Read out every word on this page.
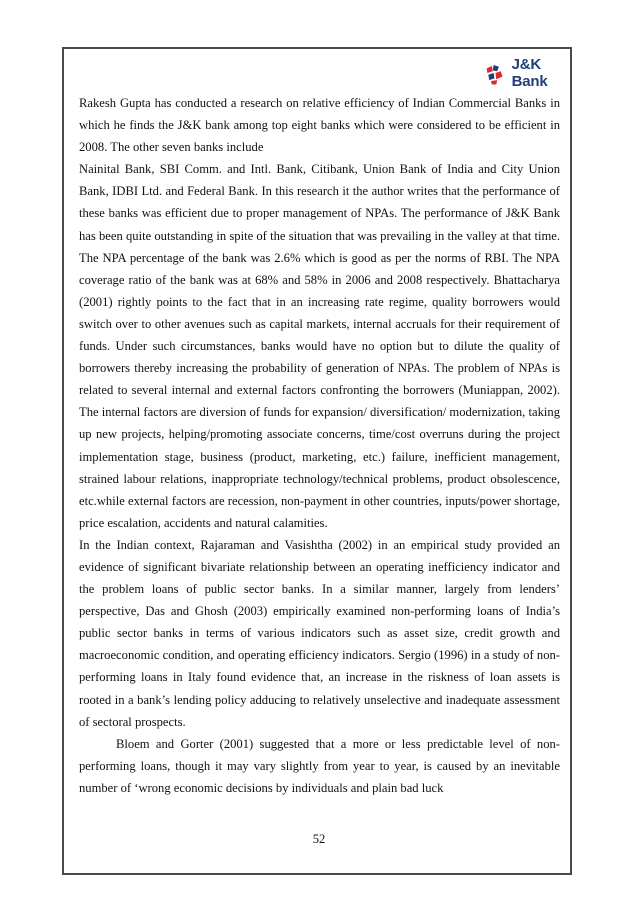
J&K Bank

Rakesh Gupta has conducted a research on relative efficiency of Indian Commercial Banks in which he finds the J&K bank among top eight banks which were considered to be efficient in 2008. The other seven banks include

Nainital Bank, SBI Comm. and Intl. Bank, Citibank, Union Bank of India and City Union Bank, IDBI Ltd. and Federal Bank. In this research it the author writes that the performance of these banks was efficient due to proper management of NPAs. The performance of J&K Bank has been quite outstanding in spite of the situation that was prevailing in the valley at that time. The NPA percentage of the bank was 2.6% which is good as per the norms of RBI. The NPA coverage ratio of the bank was at 68% and 58% in 2006 and 2008 respectively. Bhattacharya (2001) rightly points to the fact that in an increasing rate regime, quality borrowers would switch over to other avenues such as capital markets, internal accruals for their requirement of funds. Under such circumstances, banks would have no option but to dilute the quality of borrowers thereby increasing the probability of generation of NPAs. The problem of NPAs is related to several internal and external factors confronting the borrowers (Muniappan, 2002). The internal factors are diversion of funds for expansion/ diversification/ modernization, taking up new projects, helping/promoting associate concerns, time/cost overruns during the project implementation stage, business (product, marketing, etc.) failure, inefficient management, strained labour relations, inappropriate technology/technical problems, product obsolescence, etc.while external factors are recession, non-payment in other countries, inputs/power shortage, price escalation, accidents and natural calamities.

In the Indian context, Rajaraman and Vasishtha (2002) in an empirical study provided an evidence of significant bivariate relationship between an operating inefficiency indicator and the problem loans of public sector banks. In a similar manner, largely from lenders’ perspective, Das and Ghosh (2003) empirically examined non-performing loans of India’s public sector banks in terms of various indicators such as asset size, credit growth and macroeconomic condition, and operating efficiency indicators. Sergio (1996) in a study of non-performing loans in Italy found evidence that, an increase in the riskness of loan assets is rooted in a bank’s lending policy adducing to relatively unselective and inadequate assessment of sectoral prospects.

Bloem and Gorter (2001) suggested that a more or less predictable level of non-performing loans, though it may vary slightly from year to year, is caused by an inevitable number of ‘wrong economic decisions by individuals and plain bad luck

52
